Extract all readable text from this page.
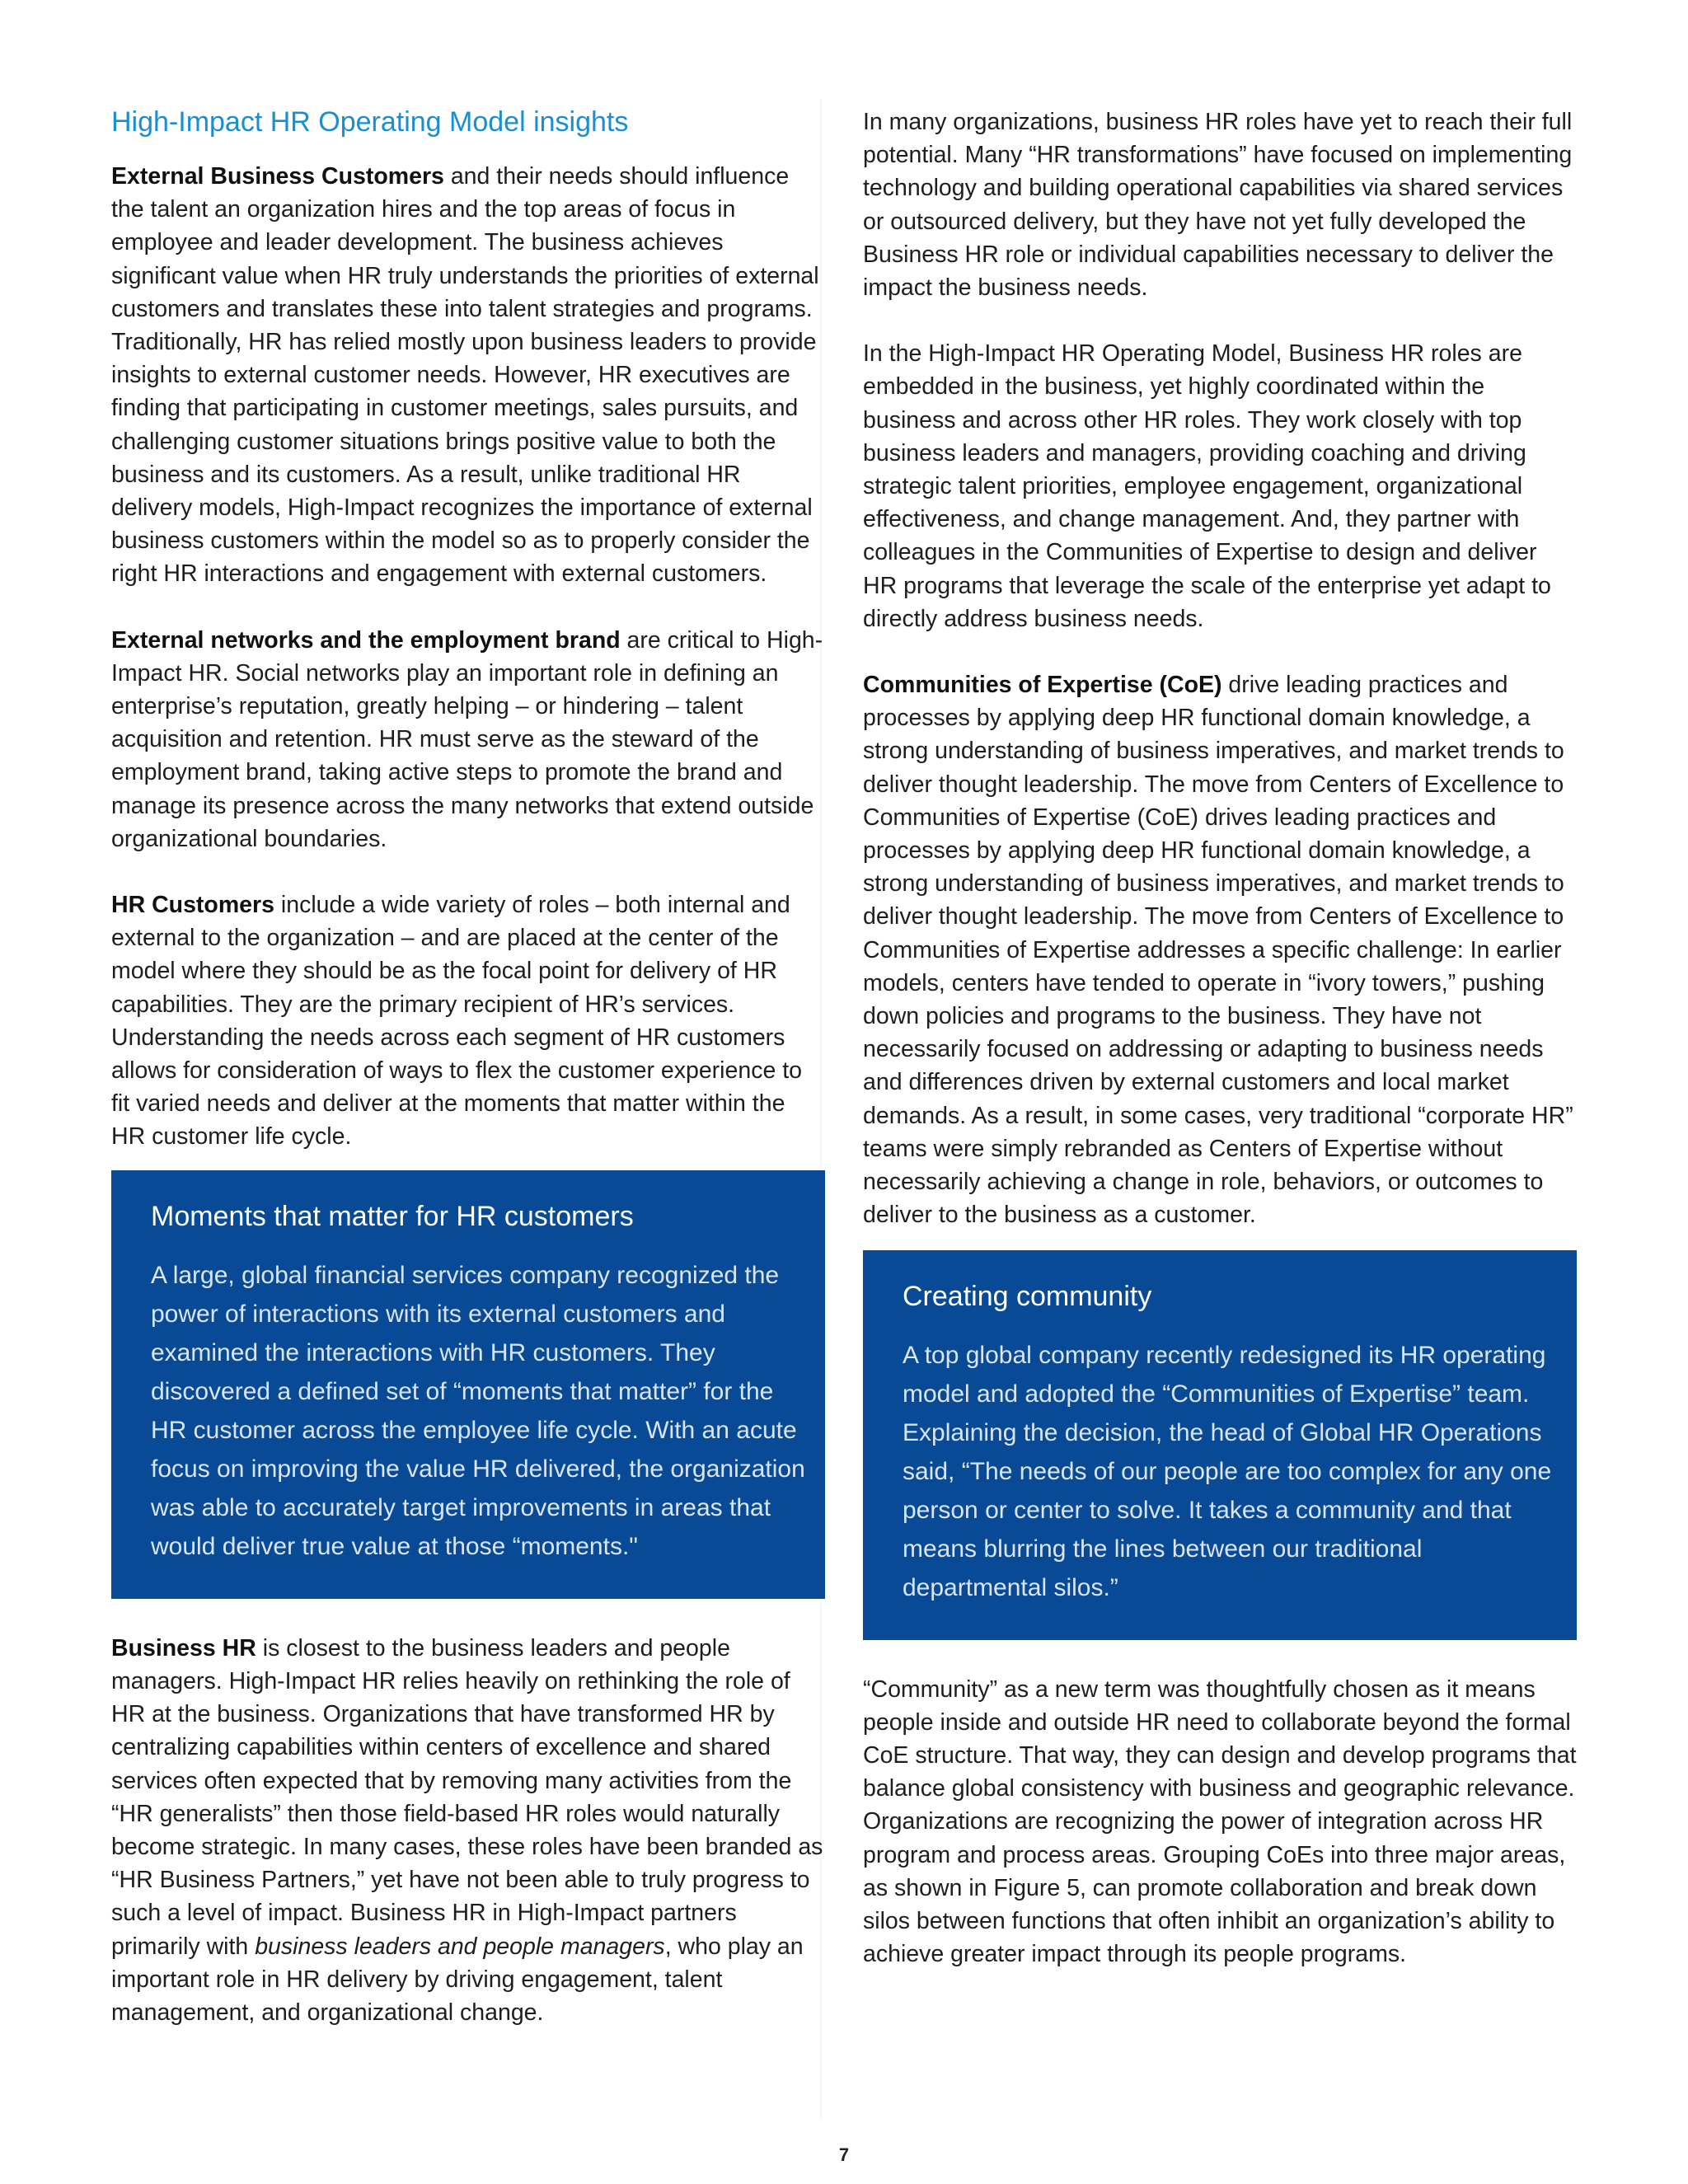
High-Impact HR Operating Model insights

External Business Customers and their needs should influence the talent an organization hires and the top areas of focus in employee and leader development. The business achieves significant value when HR truly understands the priorities of external customers and translates these into talent strategies and programs. Traditionally, HR has relied mostly upon business leaders to provide insights to external customer needs. However, HR executives are finding that participating in customer meetings, sales pursuits, and challenging customer situations brings positive value to both the business and its customers. As a result, unlike traditional HR delivery models, High-Impact recognizes the importance of external business customers within the model so as to properly consider the right HR interactions and engagement with external customers.

External networks and the employment brand are critical to High-Impact HR. Social networks play an important role in defining an enterprise’s reputation, greatly helping – or hindering – talent acquisition and retention. HR must serve as the steward of the employment brand, taking active steps to promote the brand and manage its presence across the many networks that extend outside organizational boundaries.

HR Customers include a wide variety of roles – both internal and external to the organization – and are placed at the center of the model where they should be as the focal point for delivery of HR capabilities. They are the primary recipient of HR’s services. Understanding the needs across each segment of HR customers allows for consideration of ways to flex the customer experience to fit varied needs and deliver at the moments that matter within the HR customer life cycle.

Moments that matter for HR customers

A large, global financial services company recognized the power of interactions with its external customers and examined the interactions with HR customers. They discovered a defined set of “moments that matter” for the HR customer across the employee life cycle. With an acute focus on improving the value HR delivered, the organization was able to accurately target improvements in areas that would deliver true value at those “moments."

Business HR is closest to the business leaders and people managers. High-Impact HR relies heavily on rethinking the role of HR at the business. Organizations that have transformed HR by centralizing capabilities within centers of excellence and shared services often expected that by removing many activities from the “HR generalists” then those field-based HR roles would naturally become strategic. In many cases, these roles have been branded as “HR Business Partners,” yet have not been able to truly progress to such a level of impact. Business HR in High-Impact partners primarily with business leaders and people managers, who play an important role in HR delivery by driving engagement, talent management, and organizational change.

In many organizations, business HR roles have yet to reach their full potential. Many “HR transformations” have focused on implementing technology and building operational capabilities via shared services or outsourced delivery, but they have not yet fully developed the Business HR role or individual capabilities necessary to deliver the impact the business needs.

In the High-Impact HR Operating Model, Business HR roles are embedded in the business, yet highly coordinated within the business and across other HR roles. They work closely with top business leaders and managers, providing coaching and driving strategic talent priorities, employee engagement, organizational effectiveness, and change management. And, they partner with colleagues in the Communities of Expertise to design and deliver HR programs that leverage the scale of the enterprise yet adapt to directly address business needs.

Communities of Expertise (CoE) drive leading practices and processes by applying deep HR functional domain knowledge, a strong understanding of business imperatives, and market trends to deliver thought leadership. The move from Centers of Excellence to Communities of Expertise (CoE) drives leading practices and processes by applying deep HR functional domain knowledge, a strong understanding of business imperatives, and market trends to deliver thought leadership. The move from Centers of Excellence to Communities of Expertise addresses a specific challenge: In earlier models, centers have tended to operate in “ivory towers,” pushing down policies and programs to the business. They have not necessarily focused on addressing or adapting to business needs and differences driven by external customers and local market demands. As a result, in some cases, very traditional “corporate HR” teams were simply rebranded as Centers of Expertise without necessarily achieving a change in role, behaviors, or outcomes to deliver to the business as a customer.

Creating community

A top global company recently redesigned its HR operating model and adopted the “Communities of Expertise” team. Explaining the decision, the head of Global HR Operations said, “The needs of our people are too complex for any one person or center to solve. It takes a community and that means blurring the lines between our traditional departmental silos.”

“Community” as a new term was thoughtfully chosen as it means people inside and outside HR need to collaborate beyond the formal CoE structure. That way, they can design and develop programs that balance global consistency with business and geographic relevance. Organizations are recognizing the power of integration across HR program and process areas. Grouping CoEs into three major areas, as shown in Figure 5, can promote collaboration and break down silos between functions that often inhibit an organization’s ability to achieve greater impact through its people programs.

7
